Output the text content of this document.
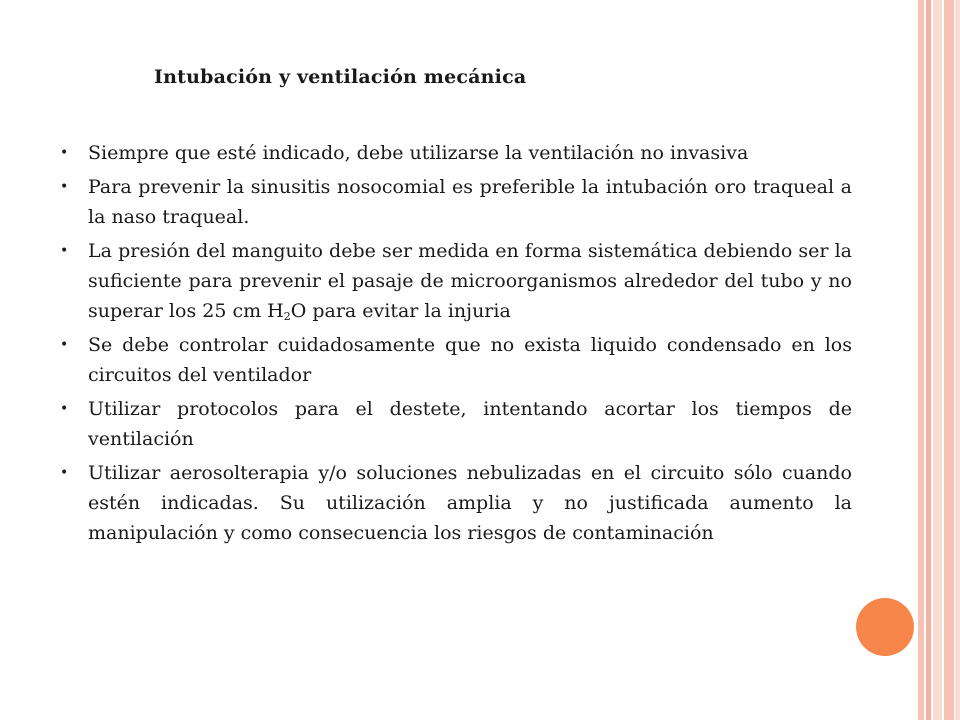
Intubación y ventilación mecánica
•	Siempre que esté indicado, debe utilizarse la ventilación no invasiva
•	Para prevenir la sinusitis nosocomial es preferible la intubación oro traqueal a la naso traqueal.
•	La presión del manguito debe ser medida en forma sistemática debiendo ser la suficiente para prevenir el pasaje de microorganismos alrededor del tubo y no superar los 25 cm $H_2O$ para evitar la injuria
•	Se debe controlar cuidadosamente que no exista liquido condensado en los circuitos del ventilador
•	Utilizar protocolos para el destete, intentando acortar los tiempos de ventilación
•	Utilizar aerosolterapia y/o soluciones nebulizadas en el circuito sólo cuando estén indicadas. Su utilización amplia y no justificada aumento la manipulación y como consecuencia los riesgos de contaminación
